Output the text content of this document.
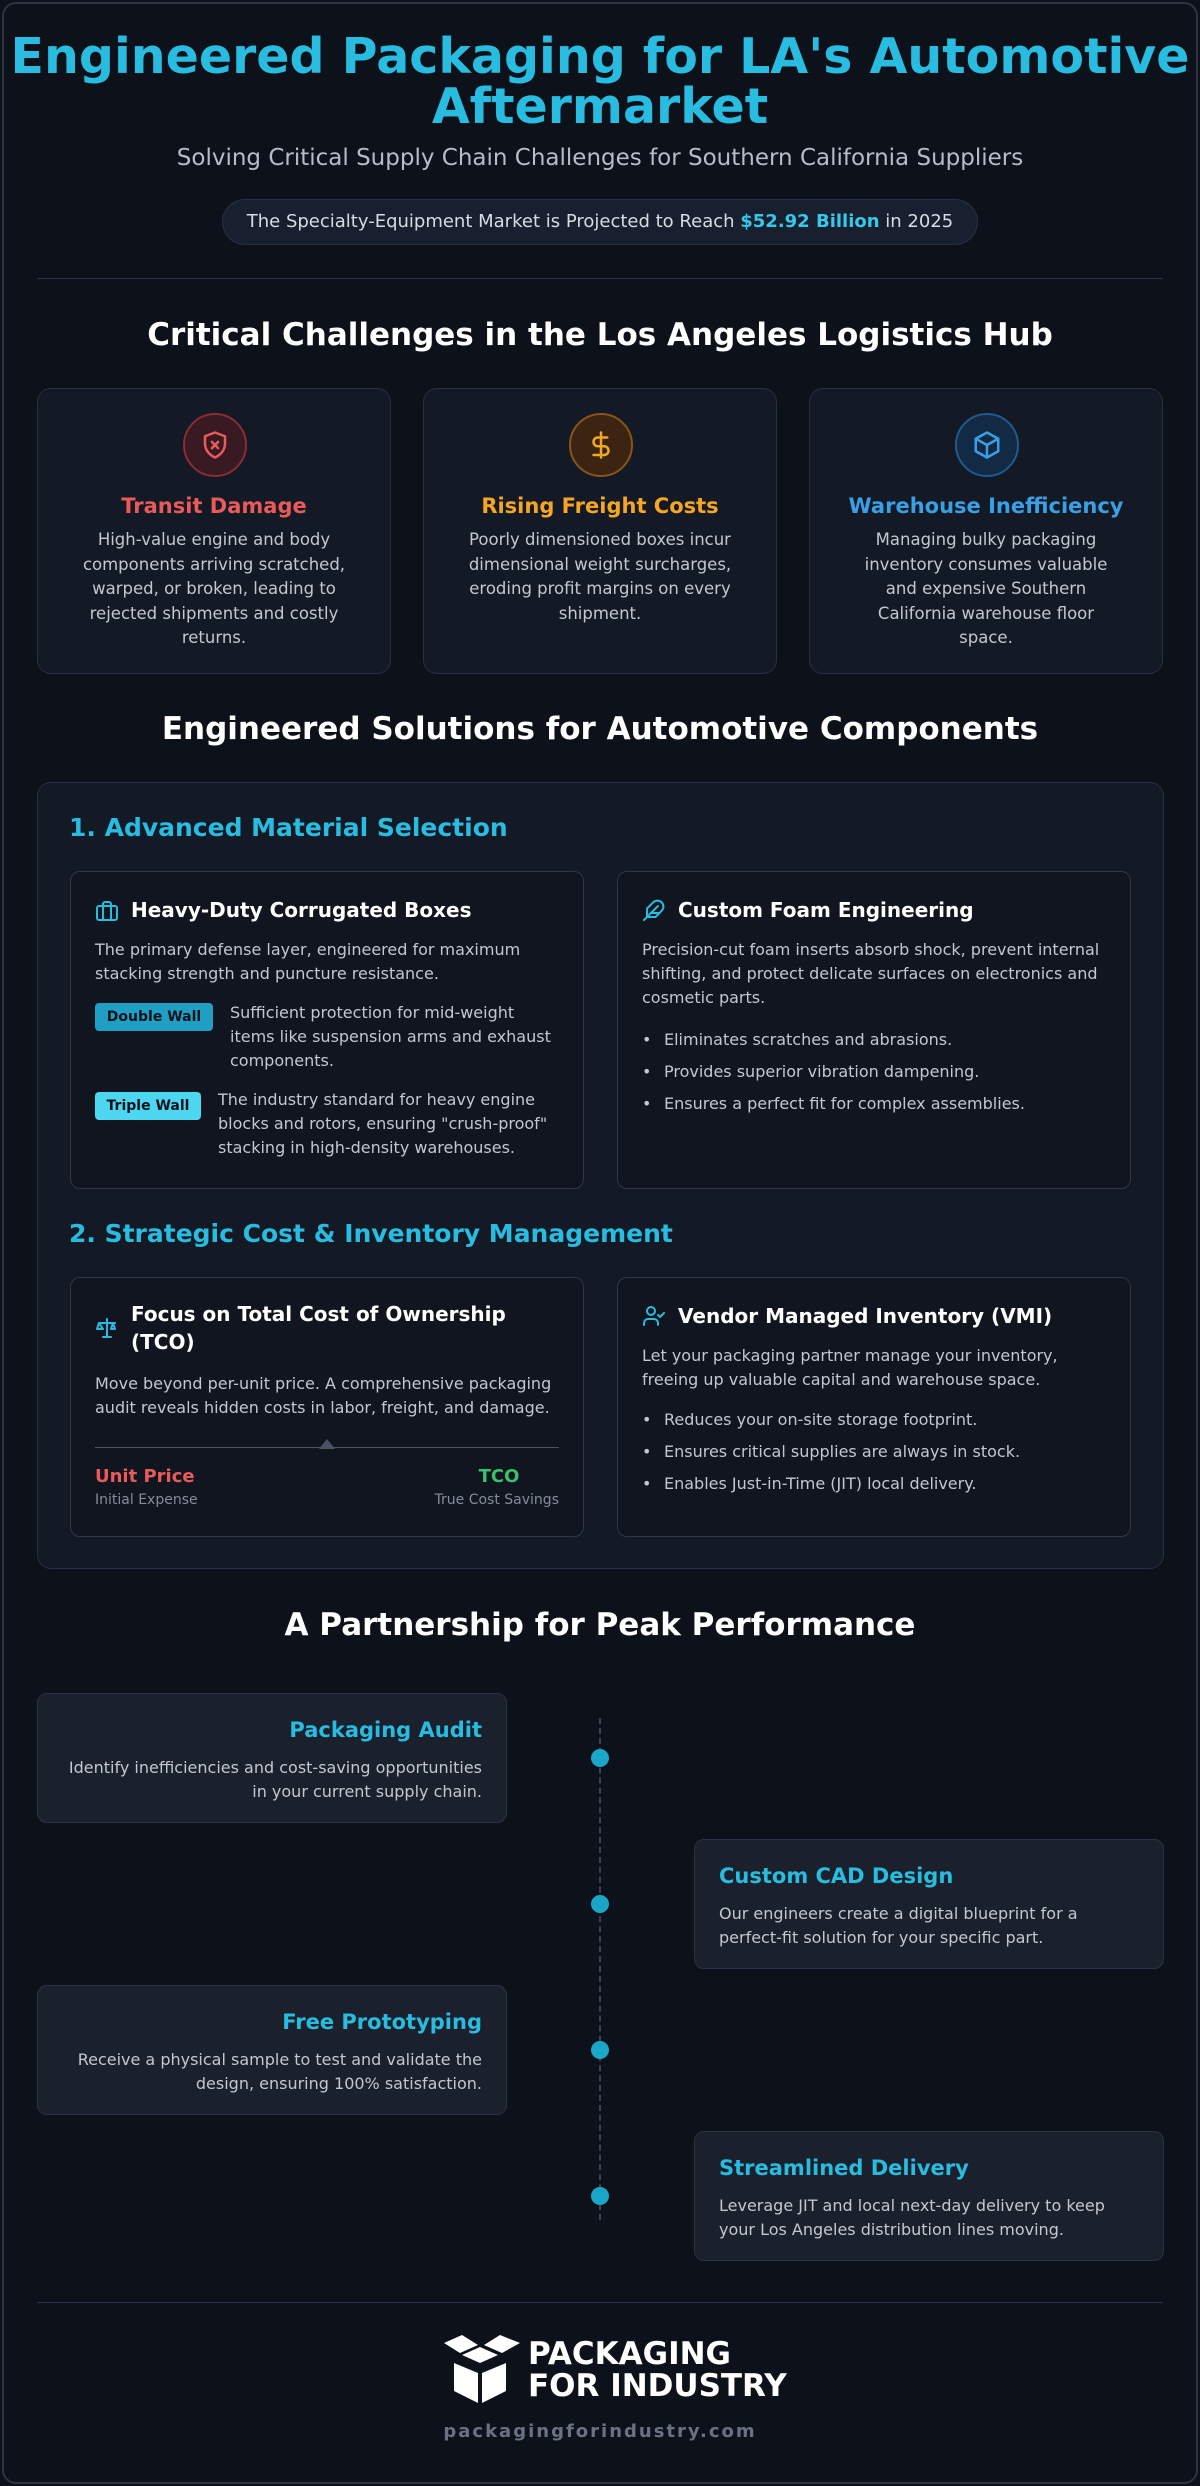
Engineered Packaging for LA's Automotive
Aftermarket
Solving Critical Supply Chain Challenges for Southern California Suppliers
The Specialty-Equipment Market is Projected to Reach $52.92 Billion in 2025
Critical Challenges in the Los Angeles Logistics Hub
Transit Damage

High-value engine and body components arriving scratched, warped, or broken, leading to rejected shipments and costly returns.

Rising Freight Costs

Poorly dimensioned boxes incur dimensional weight surcharges, eroding profit margins on every shipment.

Warehouse Inefficiency

Managing bulky packaging inventory consumes valuable and expensive Southern California warehouse floor space.

Engineered Solutions for Automotive Components
1. Advanced Material Selection
Heavy-Duty Corrugated Boxes

The primary defense layer, engineered for maximum stacking strength and puncture resistance.

Double Wall	Sufficient protection for mid-weight items like suspension arms and exhaust components.
Triple Wall	The industry standard for heavy engine blocks and rotors, ensuring "crush-proof" stacking in high-density warehouses.
Custom Foam Engineering

Precision-cut foam inserts absorb shock, prevent internal shifting, and protect delicate surfaces on electronics and cosmetic parts.

• Eliminates scratches and abrasions.
• Provides superior vibration dampening.
• Ensures a perfect fit for complex assemblies.
2. Strategic Cost & Inventory Management
Focus on Total Cost of Ownership
(TCO)

Move beyond per-unit price. A comprehensive packaging audit reveals hidden costs in labor, freight, and damage.

Unit Price
Initial Expense
TCO
True Cost Savings
Vendor Managed Inventory (VMI)

Let your packaging partner manage your inventory, freeing up valuable capital and warehouse space.

• Reduces your on-site storage footprint.
• Ensures critical supplies are always in stock.
• Enables Just-in-Time (JIT) local delivery.
A Partnership for Peak Performance
Packaging Audit

Identify inefficiencies and cost-saving opportunities in your current supply chain.

Custom CAD Design

Our engineers create a digital blueprint for a perfect-fit solution for your specific part.

Free Prototyping

Receive a physical sample to test and validate the design, ensuring 100% satisfaction.

Streamlined Delivery

Leverage JIT and local next-day delivery to keep your Los Angeles distribution lines moving.

PACKAGING
FOR INDUSTRY
packagingforindustry.com
